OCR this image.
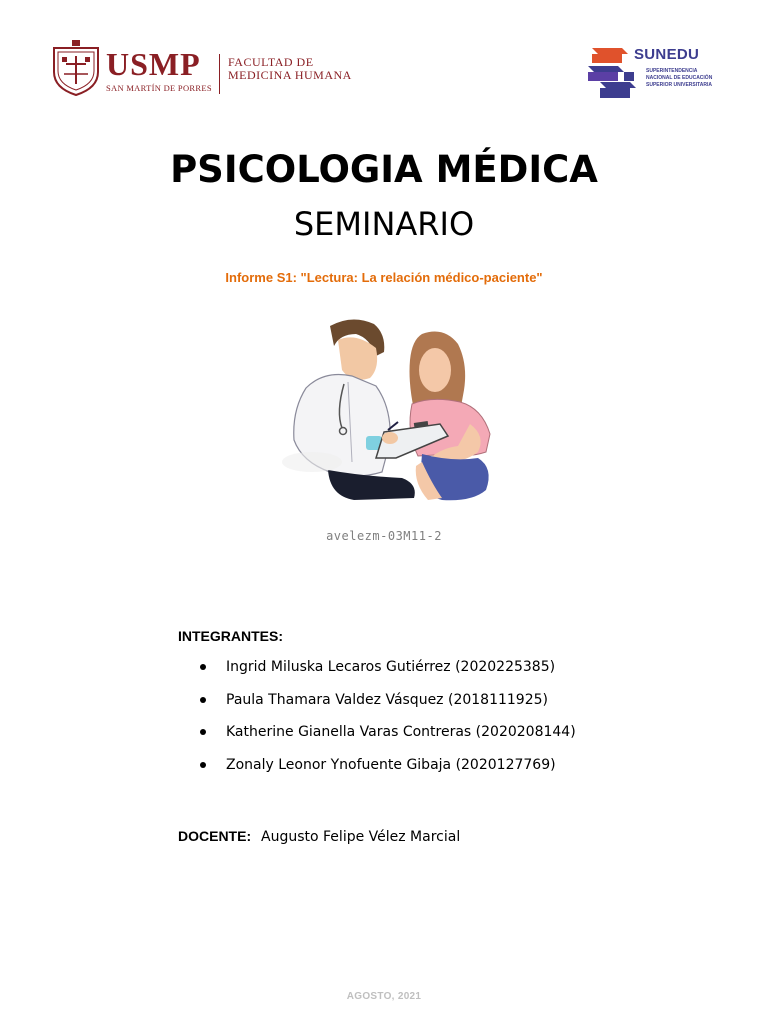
USMP
SAN MARTÍN DE PORRES
FACULTAD DE
MEDICINA HUMANA
SUNEDU
SUPERINTENDENCIA
NACIONAL DE EDUCACIÓN
SUPERIOR UNIVERSITARIA
PSICOLOGIA MÉDICA
SEMINARIO
Informe S1: "Lectura: La relación médico-paciente"
avelezm-03M11-2
INTEGRANTES:
Ingrid Miluska Lecaros Gutiérrez (2020225385)
Paula Thamara Valdez Vásquez (2018111925)
Katherine Gianella Varas Contreras (2020208144)
Zonaly Leonor Ynofuente Gibaja (2020127769)
DOCENTE: Augusto Felipe Vélez Marcial
AGOSTO, 2021
